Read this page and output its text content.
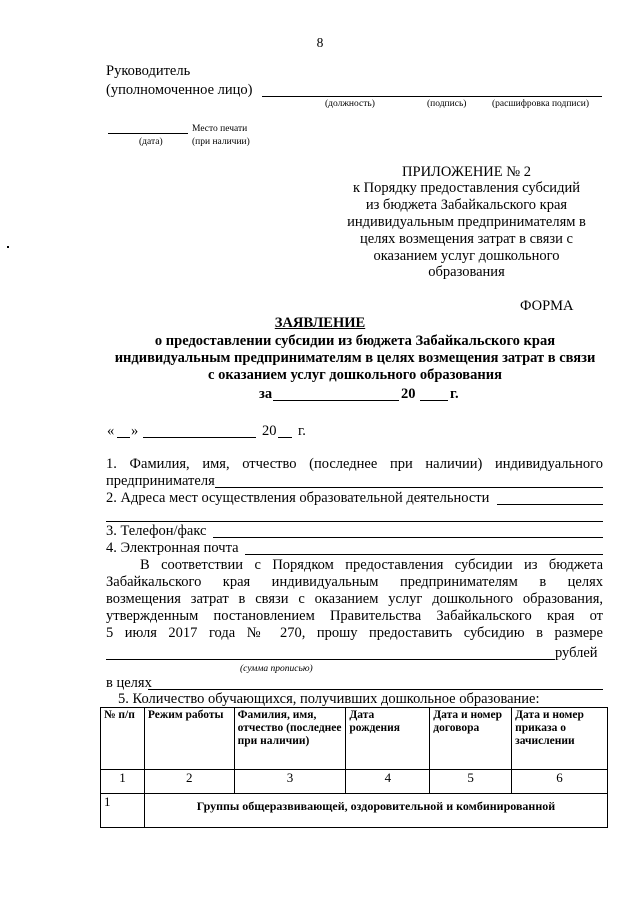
8
Руководитель
(уполномоченное лицо)
(должность)	(подпись)	(расшифровка подписи)
Место печати
(дата)	(при наличии)
ПРИЛОЖЕНИЕ № 2
к Порядку предоставления субсидий
из бюджета Забайкальского края
индивидуальным предпринимателям в
целях возмещения затрат в связи с
оказанием услуг дошкольного
образования
ФОРМА
ЗАЯВЛЕНИЕ
о предоставлении субсидии из бюджета Забайкальского края
индивидуальным предпринимателям в целях возмещения затрат в связи
с оказанием услуг дошкольного образования
за	20 г.
« »	20 г.
1. Фамилия, имя, отчество (последнее при наличии) индивидуального
предпринимателя
2. Адреса мест осуществления образовательной деятельности
3. Телефон/факс
4. Электронная почта
В соответствии с Порядком предоставления субсидии из бюджета
Забайкальского края индивидуальным предпринимателям в целях
возмещения затрат в связи с оказанием услуг дошкольного образования,
утвержденным постановлением Правительства Забайкальского края от
5 июля 2017 года № 270, прошу предоставить субсидию в размере
рублей
(сумма прописью)
в целях
5. Количество обучающихся, получивших дошкольное образование:
№ п/п	Режим работы	Фамилия, имя, отчество (последнее при наличии)	Дата рождения	Дата и номер договора	Дата и номер приказа о зачислении
1	2	3	4	5	6
1	Группы общеразвивающей, оздоровительной и комбинированной				
